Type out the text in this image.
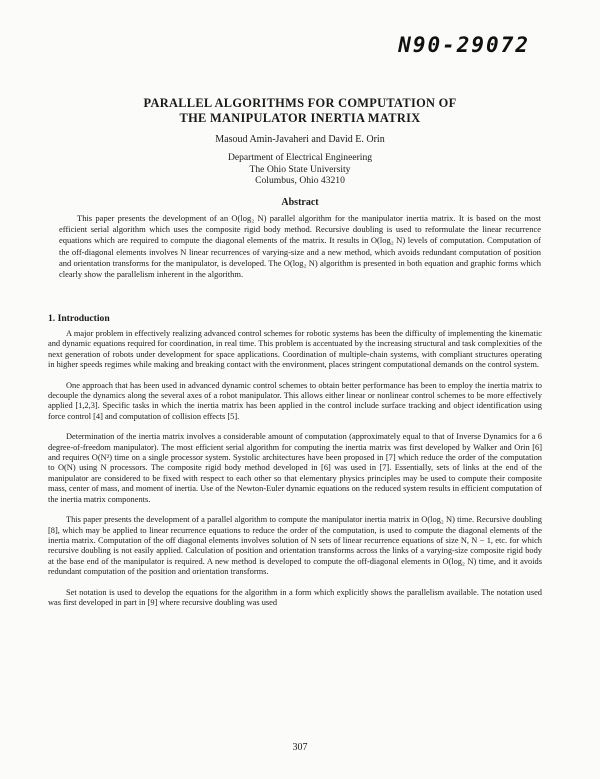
N90-29072
PARALLEL ALGORITHMS FOR COMPUTATION OF
THE MANIPULATOR INERTIA MATRIX
Masoud Amin-Javaheri and David E. Orin
Department of Electrical Engineering
The Ohio State University
Columbus, Ohio 43210
Abstract

This paper presents the development of an O(log₂ N) parallel algorithm for the manipulator inertia matrix. It is based on the most efficient serial algorithm which uses the composite rigid body method. Recursive doubling is used to reformulate the linear recurrence equations which are required to compute the diagonal elements of the matrix. It results in O(log₂ N) levels of computation. Computation of the off-diagonal elements involves N linear recurrences of varying-size and a new method, which avoids redundant computation of position and orientation transforms for the manipulator, is developed. The O(log₂ N) algorithm is presented in both equation and graphic forms which clearly show the parallelism inherent in the algorithm.

1. Introduction

A major problem in effectively realizing advanced control schemes for robotic systems has been the difficulty of implementing the kinematic and dynamic equations required for coordination, in real time. This problem is accentuated by the increasing structural and task complexities of the next generation of robots under development for space applications. Coordination of multiple-chain systems, with compliant structures operating in higher speeds regimes while making and breaking contact with the environment, places stringent computational demands on the control system.

One approach that has been used in advanced dynamic control schemes to obtain better performance has been to employ the inertia matrix to decouple the dynamics along the several axes of a robot manipulator. This allows either linear or nonlinear control schemes to be more effectively applied [1,2,3]. Specific tasks in which the inertia matrix has been applied in the control include surface tracking and object identification using force control [4] and computation of collision effects [5].

Determination of the inertia matrix involves a considerable amount of computation (approximately equal to that of Inverse Dynamics for a 6 degree-of-freedom manipulator). The most efficient serial algorithm for computing the inertia matrix was first developed by Walker and Orin [6] and requires O(N²) time on a single processor system. Systolic architectures have been proposed in [7] which reduce the order of the computation to O(N) using N processors. The composite rigid body method developed in [6] was used in [7]. Essentially, sets of links at the end of the manipulator are considered to be fixed with respect to each other so that elementary physics principles may be used to compute their composite mass, center of mass, and moment of inertia. Use of the Newton-Euler dynamic equations on the reduced system results in efficient computation of the inertia matrix components.

This paper presents the development of a parallel algorithm to compute the manipulator inertia matrix in O(log₂ N) time. Recursive doubling [8], which may be applied to linear recurrence equations to reduce the order of the computation, is used to compute the diagonal elements of the inertia matrix. Computation of the off diagonal elements involves solution of N sets of linear recurrence equations of size N, N − 1, etc. for which recursive doubling is not easily applied. Calculation of position and orientation transforms across the links of a varying-size composite rigid body at the base end of the manipulator is required. A new method is developed to compute the off-diagonal elements in O(log₂ N) time, and it avoids redundant computation of the position and orientation transforms.

Set notation is used to develop the equations for the algorithm in a form which explicitly shows the parallelism available. The notation used was first developed in part in [9] where recursive doubling was used

307
